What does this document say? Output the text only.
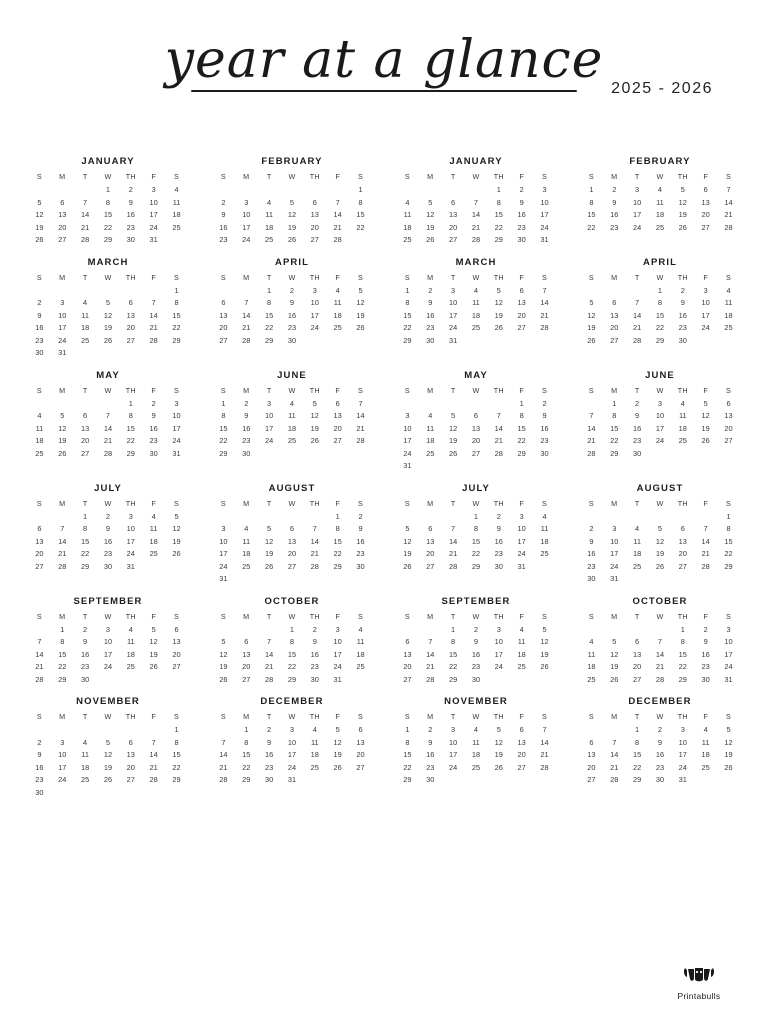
year at a glance 2025 - 2026
JANUARY
S	M	T	W	TH	F	S
			1	2	3	4
5	6	7	8	9	10	11
12	13	14	15	16	17	18
19	20	21	22	23	24	25
26	27	28	29	30	31	
FEBRUARY
S	M	T	W	TH	F	S
						1
2	3	4	5	6	7	8
9	10	11	12	13	14	15
16	17	18	19	20	21	22
23	24	25	26	27	28	
JANUARY
S	M	T	W	TH	F	S
				1	2	3
4	5	6	7	8	9	10
11	12	13	14	15	16	17
18	19	20	21	22	23	24
25	26	27	28	29	30	31
FEBRUARY
S	M	T	W	TH	F	S
1	2	3	4	5	6	7
8	9	10	11	12	13	14
15	16	17	18	19	20	21
22	23	24	25	26	27	28
MARCH
S	M	T	W	TH	F	S
						1
2	3	4	5	6	7	8
9	10	11	12	13	14	15
16	17	18	19	20	21	22
23	24	25	26	27	28	29
30	31					
APRIL
S	M	T	W	TH	F	S
		1	2	3	4	5
6	7	8	9	10	11	12
13	14	15	16	17	18	19
20	21	22	23	24	25	26
27	28	29	30			
MARCH
S	M	T	W	TH	F	S
1	2	3	4	5	6	7
8	9	10	11	12	13	14
15	16	17	18	19	20	21
22	23	24	25	26	27	28
29	30	31				
APRIL
S	M	T	W	TH	F	S
			1	2	3	4
5	6	7	8	9	10	11
12	13	14	15	16	17	18
19	20	21	22	23	24	25
26	27	28	29	30		
MAY
S	M	T	W	TH	F	S
				1	2	3
4	5	6	7	8	9	10
11	12	13	14	15	16	17
18	19	20	21	22	23	24
25	26	27	28	29	30	31
JUNE
S	M	T	W	TH	F	S
1	2	3	4	5	6	7
8	9	10	11	12	13	14
15	16	17	18	19	20	21
22	23	24	25	26	27	28
29	30					
MAY
S	M	T	W	TH	F	S
					1	2
3	4	5	6	7	8	9
10	11	12	13	14	15	16
17	18	19	20	21	22	23
24	25	26	27	28	29	30
31						
JUNE
S	M	T	W	TH	F	S
	1	2	3	4	5	6
7	8	9	10	11	12	13
14	15	16	17	18	19	20
21	22	23	24	25	26	27
28	29	30				
JULY
S	M	T	W	TH	F	S
		1	2	3	4	5
6	7	8	9	10	11	12
13	14	15	16	17	18	19
20	21	22	23	24	25	26
27	28	29	30	31		
AUGUST
S	M	T	W	TH	F	S
					1	2
3	4	5	6	7	8	9
10	11	12	13	14	15	16
17	18	19	20	21	22	23
24	25	26	27	28	29	30
31						
JULY
S	M	T	W	TH	F	S
			1	2	3	4
5	6	7	8	9	10	11
12	13	14	15	16	17	18
19	20	21	22	23	24	25
26	27	28	29	30	31	
AUGUST
S	M	T	W	TH	F	S
						1
2	3	4	5	6	7	8
9	10	11	12	13	14	15
16	17	18	19	20	21	22
23	24	25	26	27	28	29
30	31					
SEPTEMBER
S	M	T	W	TH	F	S
	1	2	3	4	5	6
7	8	9	10	11	12	13
14	15	16	17	18	19	20
21	22	23	24	25	26	27
28	29	30				
OCTOBER
S	M	T	W	TH	F	S
			1	2	3	4
5	6	7	8	9	10	11
12	13	14	15	16	17	18
19	20	21	22	23	24	25
26	27	28	29	30	31	
SEPTEMBER
S	M	T	W	TH	F	S
		1	2	3	4	5
6	7	8	9	10	11	12
13	14	15	16	17	18	19
20	21	22	23	24	25	26
27	28	29	30			
OCTOBER
S	M	T	W	TH	F	S
				1	2	3
4	5	6	7	8	9	10
11	12	13	14	15	16	17
18	19	20	21	22	23	24
25	26	27	28	29	30	31
NOVEMBER
S	M	T	W	TH	F	S
						1
2	3	4	5	6	7	8
9	10	11	12	13	14	15
16	17	18	19	20	21	22
23	24	25	26	27	28	29
30						
DECEMBER
S	M	T	W	TH	F	S
	1	2	3	4	5	6
7	8	9	10	11	12	13
14	15	16	17	18	19	20
21	22	23	24	25	26	27
28	29	30	31			
NOVEMBER
S	M	T	W	TH	F	S
1	2	3	4	5	6	7
8	9	10	11	12	13	14
15	16	17	18	19	20	21
22	23	24	25	26	27	28
29	30					
DECEMBER
S	M	T	W	TH	F	S
		1	2	3	4	5
6	7	8	9	10	11	12
13	14	15	16	17	18	19
20	21	22	23	24	25	26
27	28	29	30	31		
Printabulls
